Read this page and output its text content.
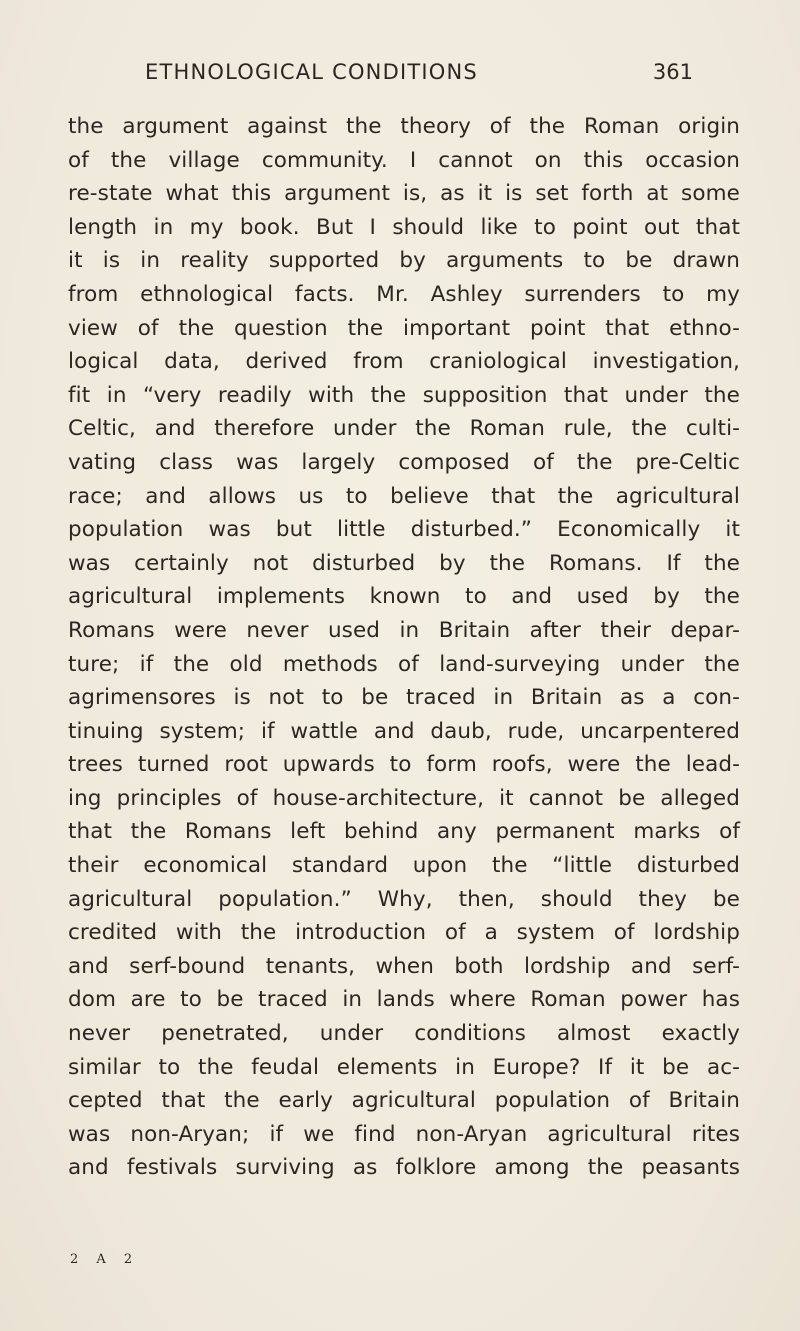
ETHNOLOGICAL CONDITIONS	361
the argument against the theory of the Roman origin
of the village community. I cannot on this occasion
re-state what this argument is, as it is set forth at some
length in my book. But I should like to point out that
it is in reality supported by arguments to be drawn
from ethnological facts. Mr. Ashley surrenders to my
view of the question the important point that ethno-
logical data, derived from craniological investigation,
fit in “very readily with the supposition that under the
Celtic, and therefore under the Roman rule, the culti-
vating class was largely composed of the pre-Celtic
race; and allows us to believe that the agricultural
population was but little disturbed.” Economically it
was certainly not disturbed by the Romans. If the
agricultural implements known to and used by the
Romans were never used in Britain after their depar-
ture; if the old methods of land-surveying under the
agrimensores is not to be traced in Britain as a con-
tinuing system; if wattle and daub, rude, uncarpentered
trees turned root upwards to form roofs, were the lead-
ing principles of house-architecture, it cannot be alleged
that the Romans left behind any permanent marks of
their economical standard upon the “little disturbed
agricultural population.” Why, then, should they be
credited with the introduction of a system of lordship
and serf-bound tenants, when both lordship and serf-
dom are to be traced in lands where Roman power has
never penetrated, under conditions almost exactly
similar to the feudal elements in Europe? If it be ac-
cepted that the early agricultural population of Britain
was non-Aryan; if we find non-Aryan agricultural rites
and festivals surviving as folklore among the peasants
2 A 2
